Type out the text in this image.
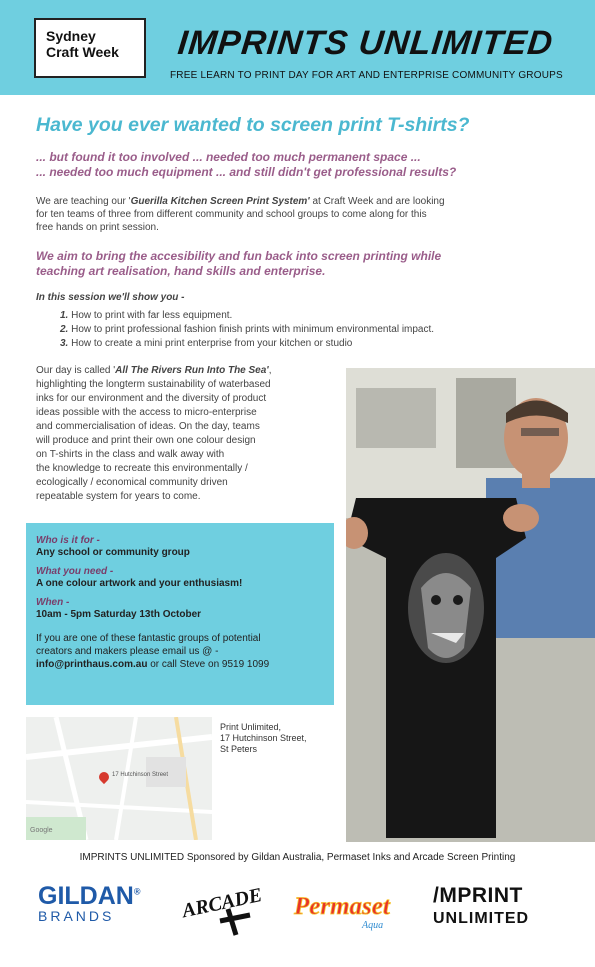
Sydney
Craft Week	IMPRINTS UNLIMITED
FREE LEARN TO PRINT DAY FOR ART AND ENTERPRISE COMMUNITY GROUPS
Have you ever wanted to screen print T-shirts?
... but found it too involved ... needed too much permanent space ...
... needed too much equipment ... and still didn't get professional results?
We are teaching our 'Guerilla Kitchen Screen Print System' at Craft Week and are looking
for ten teams of three from different community and school groups to come along for this
free hands on print session.
We aim to bring the accesibility and fun back into screen printing while
teaching art realisation, hand skills and enterprise.
In this session we'll show you -
1. How to print with far less equipment.
2. How to print professional fashion finish prints with minimum environmental impact.
3. How to create a mini print enterprise from your kitchen or studio
Our day is called 'All The Rivers Run Into The Sea',
highlighting the longterm sustainability of waterbased
inks for our environment and the diversity of product
ideas possible with the access to micro-enterprise
and commercialisation of ideas. On the day, teams
will produce and print their own one colour design
on T-shirts in the class and walk away with
the knowledge to recreate this environmentally /
ecologically / economical community driven
repeatable system for years to come.
Who is it for -
Any school or community group
What you need -
A one colour artwork and your enthusiasm!
When -
10am - 5pm Saturday 13th October
If you are one of these fantastic groups of potential
creators and makers please email us @ -
info@printhaus.com.au or call Steve on 9519 1099
17 Hutchinson Street
Google
Print Unlimited,
17 Hutchinson Street,
St Peters
IMPRINTS UNLIMITED Sponsored by Gildan Australia, Permaset Inks and Arcade Screen Printing
GILDAN®
BRANDS	ARCADE Permaset
Aqua
/MPRINT
UNLIMITED
